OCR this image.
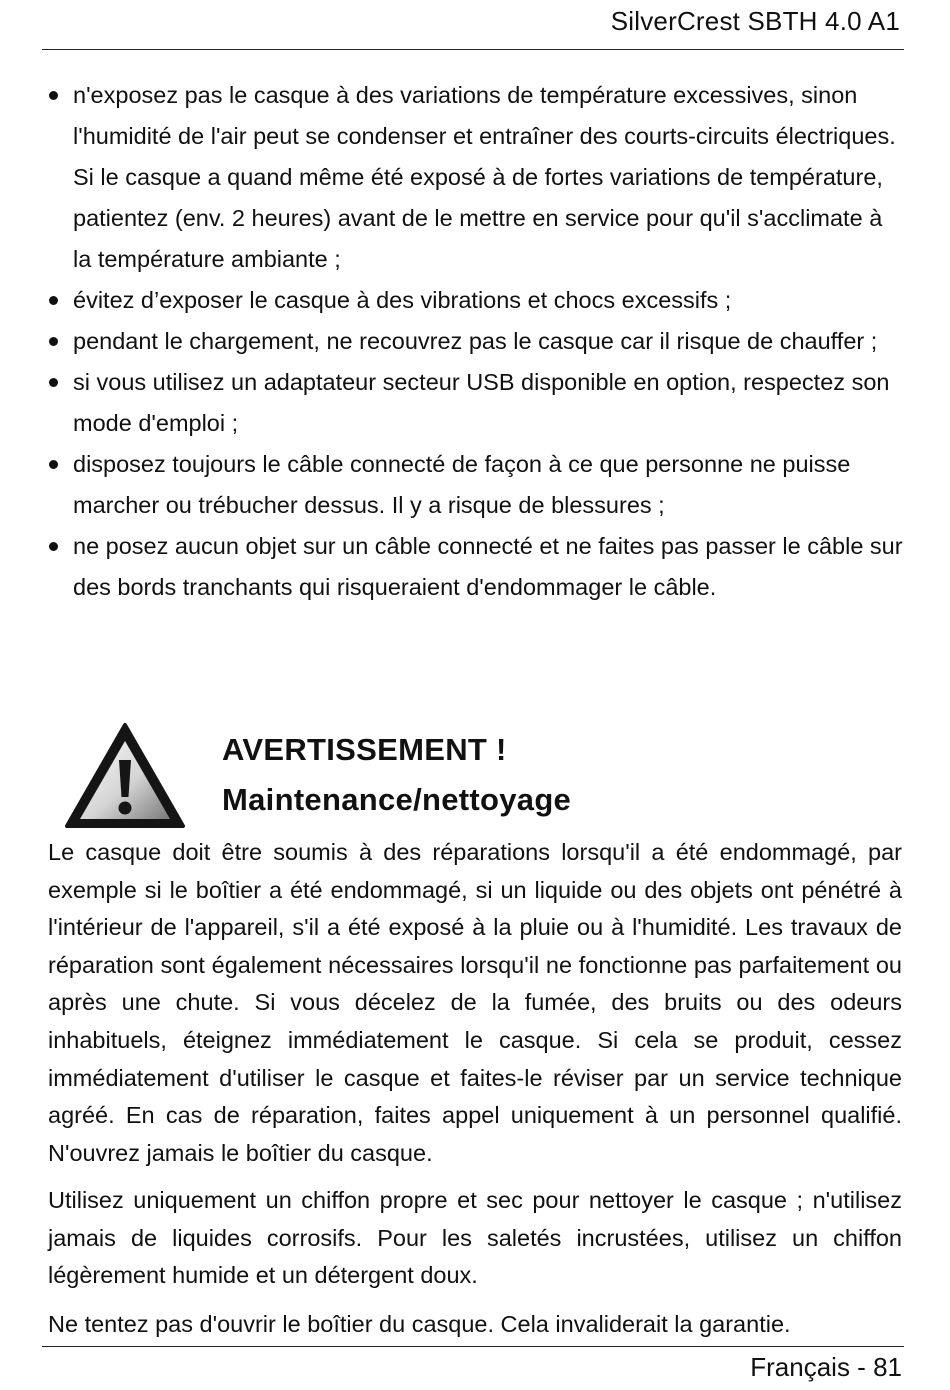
SilverCrest SBTH 4.0 A1
n'exposez pas le casque à des variations de température excessives, sinon l'humidité de l'air peut se condenser et entraîner des courts-circuits électriques. Si le casque a quand même été exposé à de fortes variations de température, patientez (env. 2 heures) avant de le mettre en service pour qu'il s'acclimate à la température ambiante ;
évitez d’exposer le casque à des vibrations et chocs excessifs ;
pendant le chargement, ne recouvrez pas le casque car il risque de chauffer ;
si vous utilisez un adaptateur secteur USB disponible en option, respectez son mode d'emploi ;
disposez toujours le câble connecté de façon à ce que personne ne puisse marcher ou trébucher dessus. Il y a risque de blessures ;
ne posez aucun objet sur un câble connecté et ne faites pas passer le câble sur des bords tranchants qui risqueraient d'endommager le câble.
AVERTISSEMENT !
Maintenance/nettoyage

Le casque doit être soumis à des réparations lorsqu'il a été endommagé, par exemple si le boîtier a été endommagé, si un liquide ou des objets ont pénétré à l'intérieur de l'appareil, s'il a été exposé à la pluie ou à l'humidité. Les travaux de réparation sont également nécessaires lorsqu'il ne fonctionne pas parfaitement ou après une chute. Si vous décelez de la fumée, des bruits ou des odeurs inhabituels, éteignez immédiatement le casque. Si cela se produit, cessez immédiatement d'utiliser le casque et faites-le réviser par un service technique agréé. En cas de réparation, faites appel uniquement à un personnel qualifié. N'ouvrez jamais le boîtier du casque.

Utilisez uniquement un chiffon propre et sec pour nettoyer le casque ; n'utilisez jamais de liquides corrosifs. Pour les saletés incrustées, utilisez un chiffon légèrement humide et un détergent doux.

Ne tentez pas d'ouvrir le boîtier du casque. Cela invaliderait la garantie.

Français - 81
